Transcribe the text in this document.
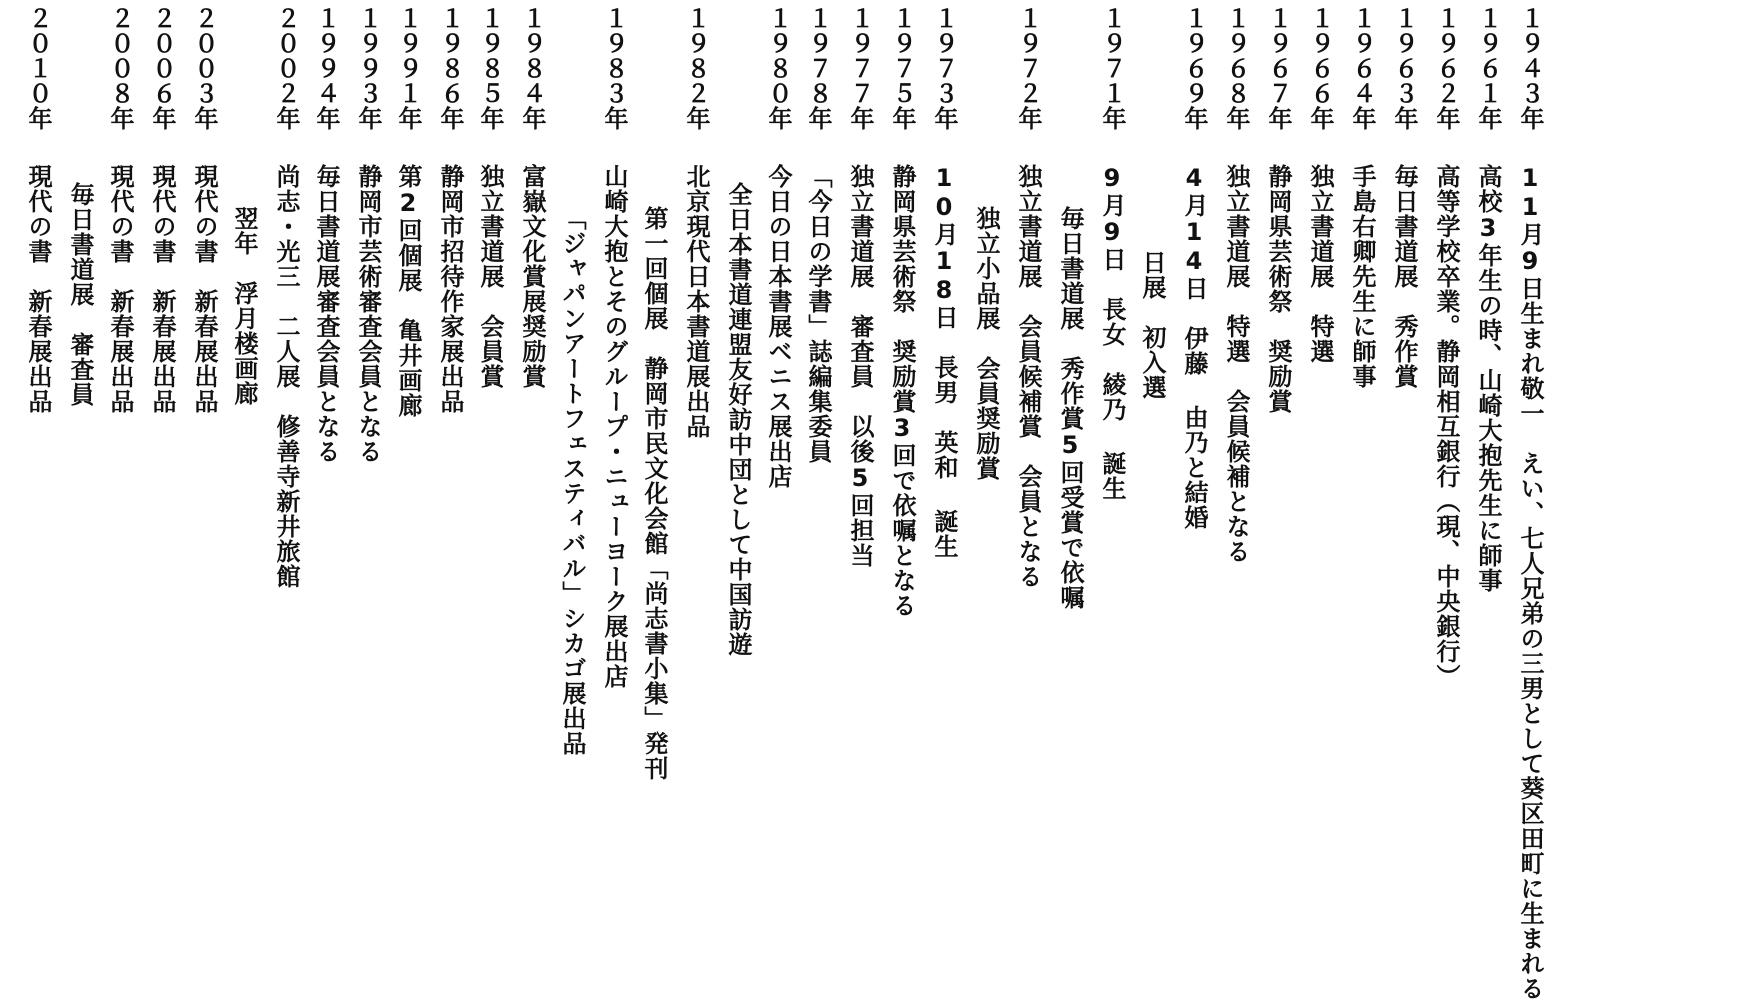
１９４３年
11月9日生まれ敬一　えい、七人兄弟の三男として葵区田町に生まれる
１９６１年
高校3年生の時、山崎大抱先生に師事
１９６２年
高等学校卒業。静岡相互銀行（現、中央銀行）
１９６３年
毎日書道展　秀作賞
１９６４年
手島右卿先生に師事
１９６６年
独立書道展　特選
１９６７年
静岡県芸術祭　奨励賞
１９６８年
独立書道展　特選　会員候補となる
１９６９年
4月14日　伊藤 由乃と結婚
日展　初入選
１９７１年
9月9日　長女　綾乃 誕生
毎日書道展　秀作賞5回受賞で依嘱
１９７２年
独立書道展　会員候補賞　会員となる
独立小品展　会員奨励賞
１９７３年
10月18日　長男　英和 誕生
１９７５年
静岡県芸術祭　奨励賞3回で依嘱となる
１９７７年
独立書道展　審査員　以後5回担当
１９７８年
「今日の学書」誌編集委員
１９８０年
今日の日本書展ベニス展出店
全日本書道連盟友好訪中団として中国訪遊
１９８２年
北京現代日本書道展出品
第一回個展　静岡市民文化会館「尚志書小集」発刊
１９８３年
山崎大抱とそのグループ・ニューヨーク展出店
「ジャパンアートフェスティバル」シカゴ展出品
１９８４年
富嶽文化賞展奨励賞
１９８５年
独立書道展　会員賞
１９８６年
静岡市招待作家展出品
１９９１年
第2回個展　亀井画廊
１９９３年
静岡市芸術審査会員となる
１９９４年
毎日書道展審査会員となる
２００２年
尚志・光三　二人展　修善寺新井旅館
翌年　浮月楼画廊
２００３年
現代の書　新春展出品
２００６年
現代の書　新春展出品
２００８年
現代の書　新春展出品
毎日書道展　審査員
２０１０年
現代の書　新春展出品
